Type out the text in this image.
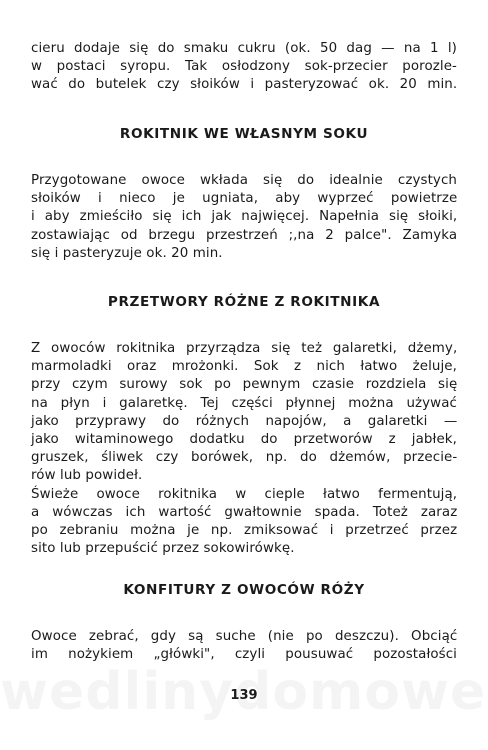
cieru dodaje się do smaku cukru (ok. 50 dag — na 1 l)
w postaci syropu. Tak osłodzony sok-przecier porozle-
wać do butelek czy słoików i pasteryzować ok. 20 min.
ROKITNIK WE WŁASNYM SOKU
Przygotowane owoce wkłada się do idealnie czystych
słoików i nieco je ugniata, aby wyprzeć powietrze
i aby zmieściło się ich jak najwięcej. Napełnia się słoiki,
zostawiając od brzegu przestrzeń ;,na 2 palce". Zamyka
się i pasteryzuje ok. 20 min.
PRZETWORY RÓŻNE Z ROKITNIKA
Z owoców rokitnika przyrządza się też galaretki, dżemy,
marmoladki oraz mrożonki. Sok z nich łatwo żeluje,
przy czym surowy sok po pewnym czasie rozdziela się
na płyn i galaretkę. Tej części płynnej można używać
jako przyprawy do różnych napojów, a galaretki —
jako witaminowego dodatku do przetworów z jabłek,
gruszek, śliwek czy borówek, np. do dżemów, przecie-
rów lub powideł.
Świeże owoce rokitnika w cieple łatwo fermentują,
a wówczas ich wartość gwałtownie spada. Toteż zaraz
po zebraniu można je np. zmiksować i przetrzeć przez
sito lub przepuścić przez sokowirówkę.
KONFITURY Z OWOCÓW RÓŻY
Owoce zebrać, gdy są suche (nie po deszczu). Obciąć
im nożykiem „główki", czyli pousuwać pozostałości
139
